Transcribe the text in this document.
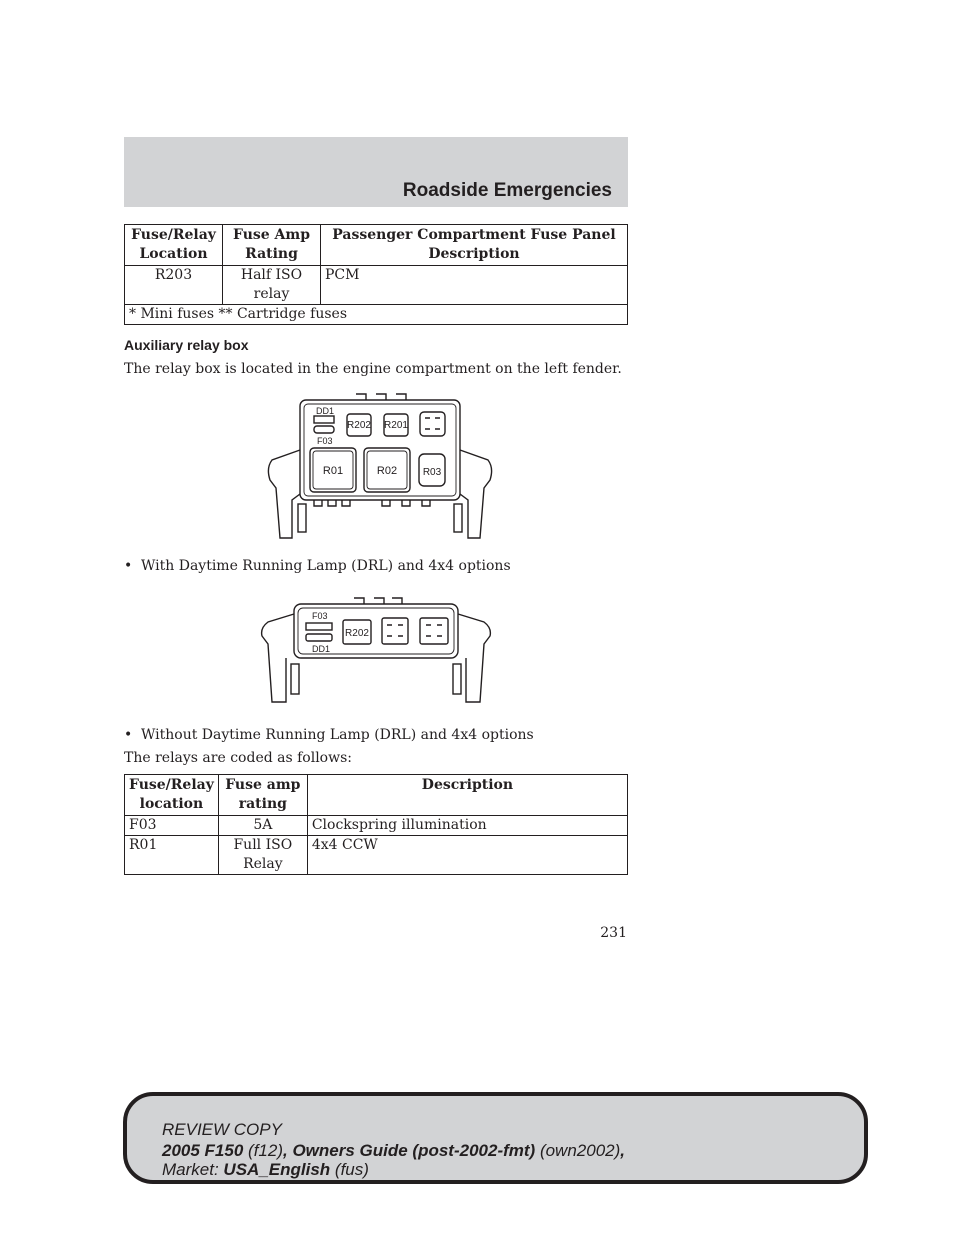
Roadside Emergencies
Fuse/Relay Location	Fuse Amp Rating	Passenger Compartment Fuse Panel Description
R203	Half ISO relay	PCM
* Mini fuses ** Cartridge fuses		
Auxiliary relay box
The relay box is located in the engine compartment on the left fender.
DD1
F03
R202 R201
R01	R02	R03
• With Daytime Running Lamp (DRL) and 4x4 options
F03
DD1
R202
• Without Daytime Running Lamp (DRL) and 4x4 options
The relays are coded as follows:
Fuse/Relay location	Fuse amp rating	Description
F03	5A	Clockspring illumination
R01	Full ISO Relay	4x4 CCW
231
REVIEW COPY
2005 F150 (f12), Owners Guide (post-2002-fmt) (own2002),
Market: USA_English (fus)
